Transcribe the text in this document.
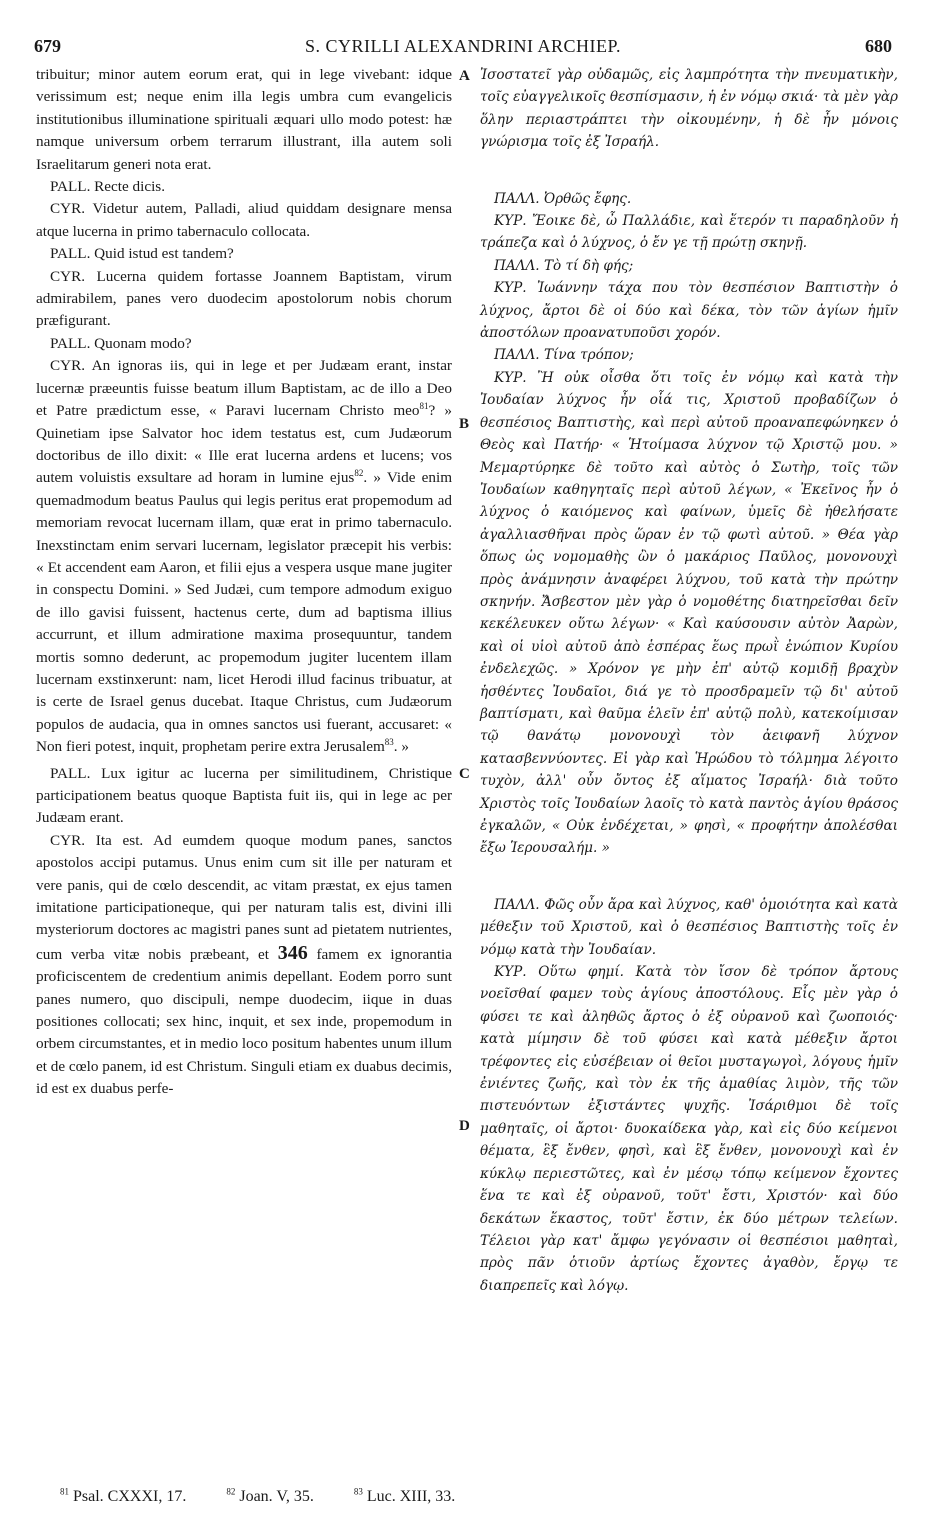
679	S. CYRILLI ALEXANDRINI ARCHIEP.	680
A
B
C
D

tribuitur; minor autem eorum erat, qui in lege vivebant: idque verissimum est; neque enim illa legis umbra cum evangelicis institutionibus illuminatione spirituali æquari ullo modo potest: hæ namque universum orbem terrarum illustrant, illa autem soli Israelitarum generi nota erat.

PALL. Recte dicis.

CYR. Videtur autem, Palladi, aliud quiddam designare mensa atque lucerna in primo tabernaculo collocata.

PALL. Quid istud est tandem?

CYR. Lucerna quidem fortasse Joannem Baptistam, virum admirabilem, panes vero duodecim apostolorum nobis chorum præfigurant.

PALL. Quonam modo?

CYR. An ignoras iis, qui in lege et per Judæam erant, instar lucernæ præeuntis fuisse beatum illum Baptistam, ac de illo a Deo et Patre prædictum esse, « Paravi lucernam Christo meo$^{81}$? » Quinetiam ipse Salvator hoc idem testatus est, cum Judæorum doctoribus de illo dixit: « Ille erat lucerna ardens et lucens; vos autem voluistis exsultare ad horam in lumine ejus$^{82}$. » Vide enim quemadmodum beatus Paulus qui legis peritus erat propemodum ad memoriam revocat lucernam illam, quæ erat in primo tabernaculo. Inexstinctam enim servari lucernam, legislator præcepit his verbis: « Et accendent eam Aaron, et filii ejus a vespera usque mane jugiter in conspectu Domini. » Sed Judæi, cum tempore admodum exiguo de illo gavisi fuissent, hactenus certe, dum ad baptisma illius accurrunt, et illum admiratione maxima prosequuntur, tandem mortis somno dederunt, ac propemodum jugiter lucentem illam lucernam exstinxerunt: nam, licet Herodi illud facinus tribuatur, at is certe de Israel genus ducebat. Itaque Christus, cum Judæorum populos de audacia, qua in omnes sanctos usi fuerant, accusaret: « Non fieri potest, inquit, prophetam perire extra Jerusalem$^{83}$. »

PALL. Lux igitur ac lucerna per similitudinem, Christique participationem beatus quoque Baptista fuit iis, qui in lege ac per Judæam erant.

CYR. Ita est. Ad eumdem quoque modum panes, sanctos apostolos accipi putamus. Unus enim cum sit ille per naturam et vere panis, qui de cœlo descendit, ac vitam præstat, ex ejus tamen imitatione participationeque, qui per naturam talis est, divini illi mysteriorum doctores ac magistri panes sunt ad pietatem nutrientes, cum verba vitæ nobis præbeant, et 346 famem ex ignorantia proficiscentem de credentium animis depellant. Eodem porro sunt panes numero, quo discipuli, nempe duodecim, iique in duas positiones collocati; sex hinc, inquit, et sex inde, propemodum in orbem circumstantes, et in medio loco positum habentes unum illum et de cœlo panem, id est Christum. Singuli etiam ex duabus decimis, id est ex duabus perfe-

Ἰσοστατεῖ γὰρ οὐδαμῶς, εἰς λαμπρότητα τὴν πνευματικὴν, τοῖς εὐαγγελικοῖς θεσπίσμασιν, ἡ ἐν νόμῳ σκιά· τὰ μὲν γὰρ ὅλην περιαστράπτει τὴν οἰκουμένην, ἡ δὲ ἦν μόνοις γνώρισμα τοῖς ἐξ Ἰσραήλ.

ΠΑΛΛ. Ὀρθῶς ἔφης.

ΚΥΡ. Ἔοικε δὲ, ὦ Παλλάδιε, καὶ ἕτερόν τι παραδηλοῦν ἡ τράπεζα καὶ ὁ λύχνος, ὁ ἔν γε τῇ πρώτῃ σκηνῇ.

ΠΑΛΛ. Τὸ τί δὴ φής;

ΚΥΡ. Ἰωάννην τάχα που τὸν θεσπέσιον Βαπτιστὴν ὁ λύχνος, ἄρτοι δὲ οἱ δύο καὶ δέκα, τὸν τῶν ἁγίων ἡμῖν ἀποστόλων προανατυποῦσι χορόν.

ΠΑΛΛ. Τίνα τρόπον;

ΚΥΡ. Ἢ οὐκ οἶσθα ὅτι τοῖς ἐν νόμῳ καὶ κατὰ τὴν Ἰουδαίαν λύχνος ἦν οἷά τις, Χριστοῦ προβαδίζων ὁ θεσπέσιος Βαπτιστὴς, καὶ περὶ αὐτοῦ προαναπεφώνηκεν ὁ Θεὸς καὶ Πατήρ· « Ἡτοίμασα λύχνον τῷ Χριστῷ μου. » Μεμαρτύρηκε δὲ τοῦτο καὶ αὐτὸς ὁ Σωτὴρ, τοῖς τῶν Ἰουδαίων καθηγηταῖς περὶ αὐτοῦ λέγων, « Ἐκεῖνος ἦν ὁ λύχνος ὁ καιόμενος καὶ φαίνων, ὑμεῖς δὲ ἠθελήσατε ἀγαλλιασθῆναι πρὸς ὥραν ἐν τῷ φωτὶ αὐτοῦ. » Θέα γὰρ ὅπως ὡς νομομαθὴς ὢν ὁ μακάριος Παῦλος, μονονουχὶ πρὸς ἀνάμνησιν ἀναφέρει λύχνου, τοῦ κατὰ τὴν πρώτην σκηνήν. Ἄσβεστον μὲν γὰρ ὁ νομοθέτης διατηρεῖσθαι δεῖν κεκέλευκεν οὕτω λέγων· « Καὶ καύσουσιν αὐτὸν Ἀαρὼν, καὶ οἱ υἱοὶ αὐτοῦ ἀπὸ ἑσπέρας ἕως πρωῒ ἐνώπιον Κυρίου ἐνδελεχῶς. » Χρόνον γε μὴν ἐπ' αὐτῷ κομιδῇ βραχὺν ἡσθέντες Ἰουδαῖοι, διά γε τὸ προσδραμεῖν τῷ δι' αὐτοῦ βαπτίσματι, καὶ θαῦμα ἑλεῖν ἐπ' αὐτῷ πολὺ, κατεκοίμισαν τῷ θανάτῳ μονονουχὶ τὸν ἀειφανῆ λύχνον κατασβεννύοντες. Εἰ γὰρ καὶ Ἡρώδου τὸ τόλμημα λέγοιτο τυχὸν, ἀλλ' οὖν ὄντος ἐξ αἵματος Ἰσραήλ· διὰ τοῦτο Χριστὸς τοῖς Ἰουδαίων λαοῖς τὸ κατὰ παντὸς ἁγίου θράσος ἐγκαλῶν, « Οὐκ ἐνδέχεται, » φησὶ, « προφήτην ἀπολέσθαι ἔξω Ἱερουσαλήμ. »

ΠΑΛΛ. Φῶς οὖν ἄρα καὶ λύχνος, καθ' ὁμοιότητα καὶ κατὰ μέθεξιν τοῦ Χριστοῦ, καὶ ὁ θεσπέσιος Βαπτιστὴς τοῖς ἐν νόμῳ κατὰ τὴν Ἰουδαίαν.

ΚΥΡ. Οὕτω φημί. Κατὰ τὸν ἴσον δὲ τρόπον ἄρτους νοεῖσθαί φαμεν τοὺς ἁγίους ἀποστόλους. Εἷς μὲν γὰρ ὁ φύσει τε καὶ ἀληθῶς ἄρτος ὁ ἐξ οὐρανοῦ καὶ ζωοποιός· κατὰ μίμησιν δὲ τοῦ φύσει καὶ κατὰ μέθεξιν ἄρτοι τρέφοντες εἰς εὐσέβειαν οἱ θεῖοι μυσταγωγοὶ, λόγους ἡμῖν ἐνιέντες ζωῆς, καὶ τὸν ἐκ τῆς ἀμαθίας λιμὸν, τῆς τῶν πιστευόντων ἐξιστάντες ψυχῆς. Ἰσάριθμοι δὲ τοῖς μαθηταῖς, οἱ ἄρτοι· δυοκαίδεκα γὰρ, καὶ εἰς δύο κείμενοι θέματα, ἓξ ἔνθεν, φησὶ, καὶ ἓξ ἔνθεν, μονονουχὶ καὶ ἐν κύκλῳ περιεστῶτες, καὶ ἐν μέσῳ τόπῳ κείμενον ἔχοντες ἕνα τε καὶ ἐξ οὐρανοῦ, τοῦτ' ἔστι, Χριστόν· καὶ δύο δεκάτων ἕκαστος, τοῦτ' ἔστιν, ἐκ δύο μέτρων τελείων. Τέλειοι γὰρ κατ' ἄμφω γεγόνασιν οἱ θεσπέσιοι μαθηταὶ, πρὸς πᾶν ὁτιοῦν ἀρτίως ἔχοντες ἀγαθὸν, ἔργῳ τε διαπρεπεῖς καὶ λόγῳ.

$^{81}$ Psal. CXXXI, 17.	$^{82}$ Joan. V, 35.	$^{83}$ Luc. XIII, 33.
